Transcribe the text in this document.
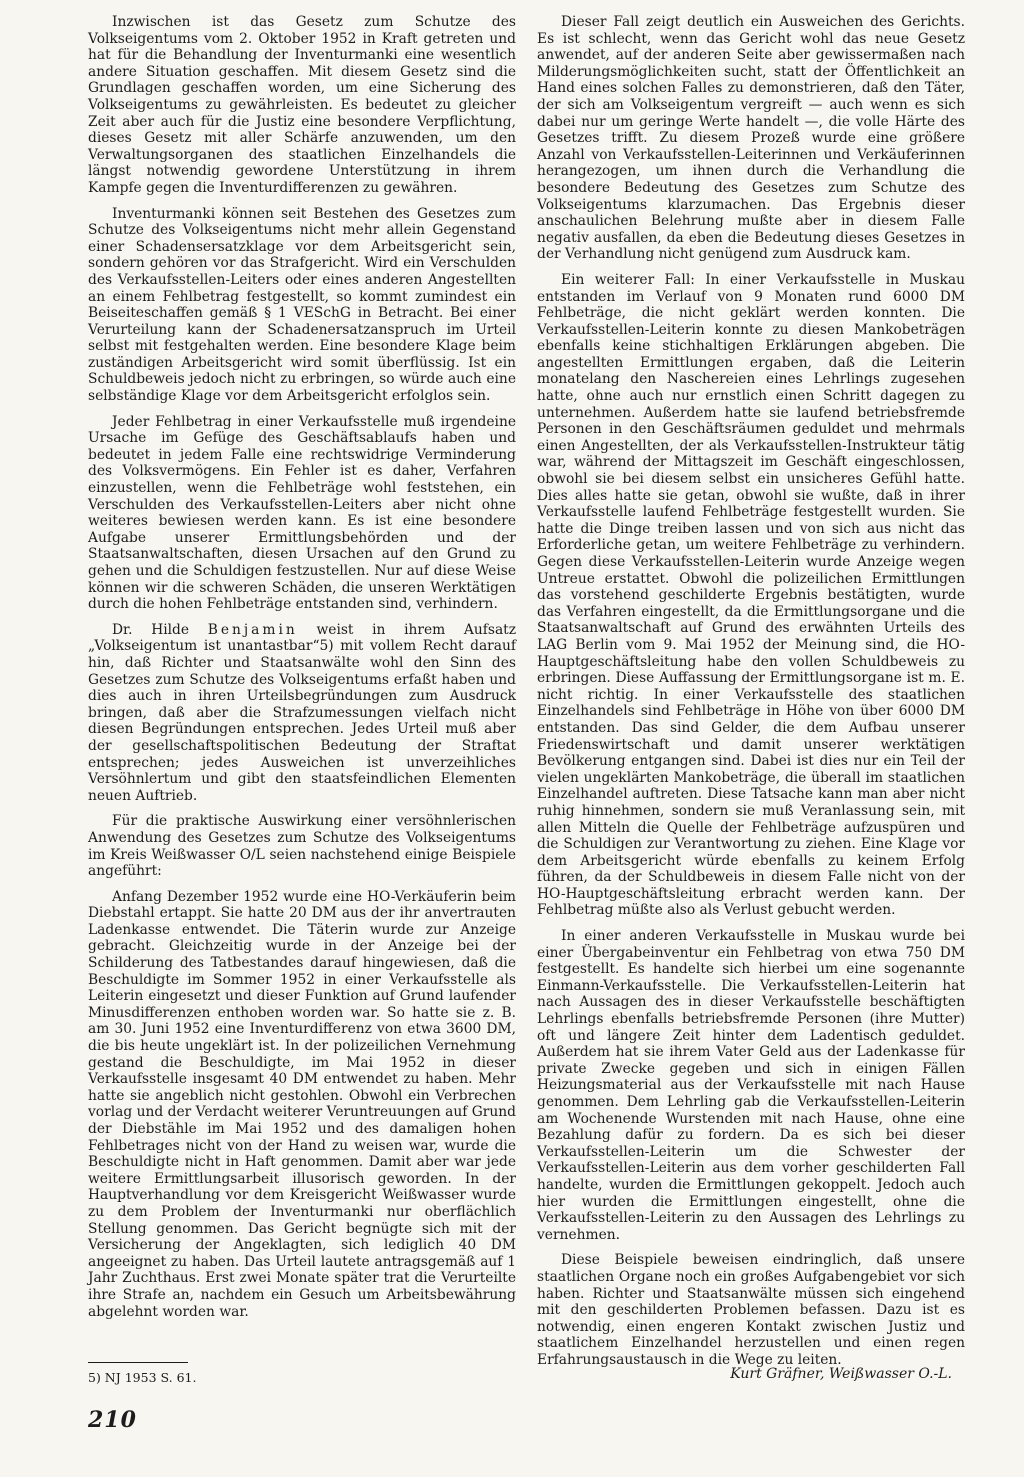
Inzwischen ist das Gesetz zum Schutze des Volkseigentums vom 2. Oktober 1952 in Kraft getreten und hat für die Behandlung der Inventurmanki eine wesentlich andere Situation geschaffen. Mit diesem Gesetz sind die Grundlagen geschaffen worden, um eine Sicherung des Volkseigentums zu gewährleisten. Es bedeutet zu gleicher Zeit aber auch für die Justiz eine besondere Verpflichtung, dieses Gesetz mit aller Schärfe anzuwenden, um den Verwaltungsorganen des staatlichen Einzelhandels die längst notwendig gewordene Unterstützung in ihrem Kampfe gegen die Inventurdifferenzen zu gewähren.

Inventurmanki können seit Bestehen des Gesetzes zum Schutze des Volkseigentums nicht mehr allein Gegenstand einer Schadensersatzklage vor dem Arbeitsgericht sein, sondern gehören vor das Strafgericht. Wird ein Verschulden des Verkaufsstellen-Leiters oder eines anderen Angestellten an einem Fehlbetrag festgestellt, so kommt zumindest ein Beiseiteschaffen gemäß § 1 VESchG in Betracht. Bei einer Verurteilung kann der Schadenersatzanspruch im Urteil selbst mit festgehalten werden. Eine besondere Klage beim zuständigen Arbeitsgericht wird somit überflüssig. Ist ein Schuldbeweis jedoch nicht zu erbringen, so würde auch eine selbständige Klage vor dem Arbeitsgericht erfolglos sein.

Jeder Fehlbetrag in einer Verkaufsstelle muß irgendeine Ursache im Gefüge des Geschäftsablaufs haben und bedeutet in jedem Falle eine rechtswidrige Verminderung des Volksvermögens. Ein Fehler ist es daher, Verfahren einzustellen, wenn die Fehlbeträge wohl feststehen, ein Verschulden des Verkaufsstellen-Leiters aber nicht ohne weiteres bewiesen werden kann. Es ist eine besondere Aufgabe unserer Ermittlungsbehörden und der Staatsanwaltschaften, diesen Ursachen auf den Grund zu gehen und die Schuldigen festzustellen. Nur auf diese Weise können wir die schweren Schäden, die unseren Werktätigen durch die hohen Fehlbeträge entstanden sind, verhindern.

Dr. Hilde Benjamin weist in ihrem Aufsatz „Volkseigentum ist unantastbar“5) mit vollem Recht darauf hin, daß Richter und Staatsanwälte wohl den Sinn des Gesetzes zum Schutze des Volkseigentums erfaßt haben und dies auch in ihren Urteilsbegründungen zum Ausdruck bringen, daß aber die Strafzumessungen vielfach nicht diesen Begründungen entsprechen. Jedes Urteil muß aber der gesellschaftspolitischen Bedeutung der Straftat entsprechen; jedes Ausweichen ist unverzeihliches Versöhnlertum und gibt den staatsfeindlichen Elementen neuen Auftrieb.

Für die praktische Auswirkung einer versöhnlerischen Anwendung des Gesetzes zum Schutze des Volkseigentums im Kreis Weißwasser O/L seien nachstehend einige Beispiele angeführt:

Anfang Dezember 1952 wurde eine HO-Verkäuferin beim Diebstahl ertappt. Sie hatte 20 DM aus der ihr anvertrauten Ladenkasse entwendet. Die Täterin wurde zur Anzeige gebracht. Gleichzeitig wurde in der Anzeige bei der Schilderung des Tatbestandes darauf hingewiesen, daß die Beschuldigte im Sommer 1952 in einer Verkaufsstelle als Leiterin eingesetzt und dieser Funktion auf Grund laufender Minusdifferenzen enthoben worden war. So hatte sie z. B. am 30. Juni 1952 eine Inventurdifferenz von etwa 3600 DM, die bis heute ungeklärt ist. In der polizeilichen Vernehmung gestand die Beschuldigte, im Mai 1952 in dieser Verkaufsstelle insgesamt 40 DM entwendet zu haben. Mehr hatte sie angeblich nicht gestohlen. Obwohl ein Verbrechen vorlag und der Verdacht weiterer Veruntreuungen auf Grund der Diebstähle im Mai 1952 und des damaligen hohen Fehlbetrages nicht von der Hand zu weisen war, wurde die Beschuldigte nicht in Haft genommen. Damit aber war jede weitere Ermittlungsarbeit illusorisch geworden. In der Hauptverhandlung vor dem Kreisgericht Weißwasser wurde zu dem Problem der Inventurmanki nur oberflächlich Stellung genommen. Das Gericht begnügte sich mit der Versicherung der Angeklagten, sich lediglich 40 DM angeeignet zu haben. Das Urteil lautete antragsgemäß auf 1 Jahr Zuchthaus. Erst zwei Monate später trat die Verurteilte ihre Strafe an, nachdem ein Gesuch um Arbeitsbewährung abgelehnt worden war.

Dieser Fall zeigt deutlich ein Ausweichen des Gerichts. Es ist schlecht, wenn das Gericht wohl das neue Gesetz anwendet, auf der anderen Seite aber gewissermaßen nach Milderungsmöglichkeiten sucht, statt der Öffentlichkeit an Hand eines solchen Falles zu demonstrieren, daß den Täter, der sich am Volkseigentum vergreift — auch wenn es sich dabei nur um geringe Werte handelt —, die volle Härte des Gesetzes trifft. Zu diesem Prozeß wurde eine größere Anzahl von Verkaufsstellen-Leiterinnen und Verkäuferinnen herangezogen, um ihnen durch die Verhandlung die besondere Bedeutung des Gesetzes zum Schutze des Volkseigentums klarzumachen. Das Ergebnis dieser anschaulichen Belehrung mußte aber in diesem Falle negativ ausfallen, da eben die Bedeutung dieses Gesetzes in der Verhandlung nicht genügend zum Ausdruck kam.

Ein weiterer Fall: In einer Verkaufsstelle in Muskau entstanden im Verlauf von 9 Monaten rund 6000 DM Fehlbeträge, die nicht geklärt werden konnten. Die Verkaufsstellen-Leiterin konnte zu diesen Mankobeträgen ebenfalls keine stichhaltigen Erklärungen abgeben. Die angestellten Ermittlungen ergaben, daß die Leiterin monatelang den Naschereien eines Lehrlings zugesehen hatte, ohne auch nur ernstlich einen Schritt dagegen zu unternehmen. Außerdem hatte sie laufend betriebsfremde Personen in den Geschäftsräumen geduldet und mehrmals einen Angestellten, der als Verkaufsstellen-Instrukteur tätig war, während der Mittagszeit im Geschäft eingeschlossen, obwohl sie bei diesem selbst ein unsicheres Gefühl hatte. Dies alles hatte sie getan, obwohl sie wußte, daß in ihrer Verkaufsstelle laufend Fehlbeträge festgestellt wurden. Sie hatte die Dinge treiben lassen und von sich aus nicht das Erforderliche getan, um weitere Fehlbeträge zu verhindern. Gegen diese Verkaufsstellen-Leiterin wurde Anzeige wegen Untreue erstattet. Obwohl die polizeilichen Ermittlungen das vorstehend geschilderte Ergebnis bestätigten, wurde das Verfahren eingestellt, da die Ermittlungsorgane und die Staatsanwaltschaft auf Grund des erwähnten Urteils des LAG Berlin vom 9. Mai 1952 der Meinung sind, die HO-Hauptgeschäftsleitung habe den vollen Schuldbeweis zu erbringen. Diese Auffassung der Ermittlungsorgane ist m. E. nicht richtig. In einer Verkaufsstelle des staatlichen Einzelhandels sind Fehlbeträge in Höhe von über 6000 DM entstanden. Das sind Gelder, die dem Aufbau unserer Friedenswirtschaft und damit unserer werktätigen Bevölkerung entgangen sind. Dabei ist dies nur ein Teil der vielen ungeklärten Mankobeträge, die überall im staatlichen Einzelhandel auftreten. Diese Tatsache kann man aber nicht ruhig hinnehmen, sondern sie muß Veranlassung sein, mit allen Mitteln die Quelle der Fehlbeträge aufzuspüren und die Schuldigen zur Verantwortung zu ziehen. Eine Klage vor dem Arbeitsgericht würde ebenfalls zu keinem Erfolg führen, da der Schuldbeweis in diesem Falle nicht von der HO-Hauptgeschäftsleitung erbracht werden kann. Der Fehlbetrag müßte also als Verlust gebucht werden.

In einer anderen Verkaufsstelle in Muskau wurde bei einer Übergabeinventur ein Fehlbetrag von etwa 750 DM festgestellt. Es handelte sich hierbei um eine sogenannte Einmann-Verkaufsstelle. Die Verkaufsstellen-Leiterin hat nach Aussagen des in dieser Verkaufsstelle beschäftigten Lehrlings ebenfalls betriebsfremde Personen (ihre Mutter) oft und längere Zeit hinter dem Ladentisch geduldet. Außerdem hat sie ihrem Vater Geld aus der Ladenkasse für private Zwecke gegeben und sich in einigen Fällen Heizungsmaterial aus der Verkaufsstelle mit nach Hause genommen. Dem Lehrling gab die Verkaufsstellen-Leiterin am Wochenende Wurstenden mit nach Hause, ohne eine Bezahlung dafür zu fordern. Da es sich bei dieser Verkaufsstellen-Leiterin um die Schwester der Verkaufsstellen-Leiterin aus dem vorher geschilderten Fall handelte, wurden die Ermittlungen gekoppelt. Jedoch auch hier wurden die Ermittlungen eingestellt, ohne die Verkaufsstellen-Leiterin zu den Aussagen des Lehrlings zu vernehmen.

Diese Beispiele beweisen eindringlich, daß unsere staatlichen Organe noch ein großes Aufgabengebiet vor sich haben. Richter und Staatsanwälte müssen sich eingehend mit den geschilderten Problemen befassen. Dazu ist es notwendig, einen engeren Kontakt zwischen Justiz und staatlichem Einzelhandel herzustellen und einen regen Erfahrungsaustausch in die Wege zu leiten.

5) NJ 1953 S. 61.	Kurt Gräfner, Weißwasser O.-L.
210
